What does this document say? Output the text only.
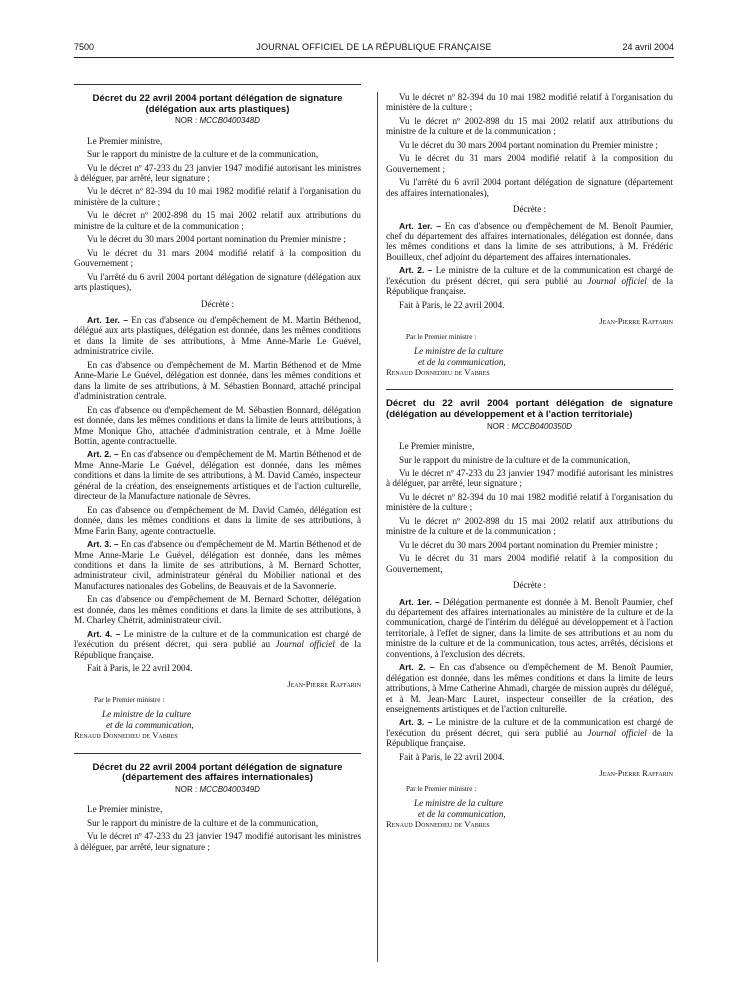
7500	JOURNAL OFFICIEL DE LA RÉPUBLIQUE FRANÇAISE	24 avril 2004
Décret du 22 avril 2004 portant délégation de signature (délégation aux arts plastiques)
NOR : MCCB0400348D

Le Premier ministre,

Sur le rapport du ministre de la culture et de la communication,

Vu le décret nº 47-233 du 23 janvier 1947 modifié autorisant les ministres à déléguer, par arrêté, leur signature ;

Vu le décret nº 82-394 du 10 mai 1982 modifié relatif à l'organisation du ministère de la culture ;

Vu le décret nº 2002-898 du 15 mai 2002 relatif aux attributions du ministre de la culture et de la communication ;

Vu le décret du 30 mars 2004 portant nomination du Premier ministre ;

Vu le décret du 31 mars 2004 modifié relatif à la composition du Gouvernement ;

Vu l'arrêté du 6 avril 2004 portant délégation de signature (délégation aux arts plastiques),

Décrète :

Art. 1er. – En cas d'absence ou d'empêchement de M. Martin Béthenod, délégué aux arts plastiques, délégation est donnée, dans les mêmes conditions et dans la limite de ses attributions, à Mme Anne-Marie Le Guével, administratrice civile.

En cas d'absence ou d'empêchement de M. Martin Béthenod et de Mme Anne-Marie Le Guével, délégation est donnée, dans les mêmes conditions et dans la limite de ses attributions, à M. Sébastien Bonnard, attaché principal d'administration centrale.

En cas d'absence ou d'empêchement de M. Sébastien Bonnard, délégation est donnée, dans les mêmes conditions et dans la limite de leurs attributions, à Mme Monique Gho, attachée d'administration centrale, et à Mme Joëlle Bottin, agente contractuelle.

Art. 2. – En cas d'absence ou d'empêchement de M. Martin Béthenod et de Mme Anne-Marie Le Guével, délégation est donnée, dans les mêmes conditions et dans la limite de ses attributions, à M. David Caméo, inspecteur général de la création, des enseignements artistiques et de l'action culturelle, directeur de la Manufacture nationale de Sèvres.

En cas d'absence ou d'empêchement de M. David Caméo, délégation est donnée, dans les mêmes conditions et dans la limite de ses attributions, à Mme Farin Bany, agente contractuelle.

Art. 3. – En cas d'absence ou d'empêchement de M. Martin Béthenod et de Mme Anne-Marie Le Guével, délégation est donnée, dans les mêmes conditions et dans la limite de ses attributions, à M. Bernard Schotter, administrateur civil, administrateur général du Mobilier national et des Manufactures nationales des Gobelins, de Beauvais et de la Savonnerie.

En cas d'absence ou d'empêchement de M. Bernard Schotter, délégation est donnée, dans les mêmes conditions et dans la limite de ses attributions, à M. Charley Chétrit, administrateur civil.

Art. 4. – Le ministre de la culture et de la communication est chargé de l'exécution du présent décret, qui sera publié au Journal officiel de la République française.

Fait à Paris, le 22 avril 2004.

Jean-Pierre Raffarin

Par le Premier ministre :

Le ministre de la culture

et de la communication,

Renaud Donnedieu de Vabres

Décret du 22 avril 2004 portant délégation de signature (département des affaires internationales)
NOR : MCCB0400349D

Le Premier ministre,

Sur le rapport du ministre de la culture et de la communication,

Vu le décret nº 47-233 du 23 janvier 1947 modifié autorisant les ministres à déléguer, par arrêté, leur signature ;

Vu le décret nº 82-394 du 10 mai 1982 modifié relatif à l'organisation du ministère de la culture ;

Vu le décret nº 2002-898 du 15 mai 2002 relatif aux attributions du ministre de la culture et de la communication ;

Vu le décret du 30 mars 2004 portant nomination du Premier ministre ;

Vu le décret du 31 mars 2004 modifié relatif à la composition du Gouvernement ;

Vu l'arrêté du 6 avril 2004 portant délégation de signature (département des affaires internationales),

Décrète :

Art. 1er. – En cas d'absence ou d'empêchement de M. Benoît Paumier, chef du département des affaires internationales, délégation est donnée, dans les mêmes conditions et dans la limite de ses attributions, à M. Frédéric Bouilleux, chef adjoint du département des affaires internationales.

Art. 2. – Le ministre de la culture et de la communication est chargé de l'exécution du présent décret, qui sera publié au Journal officiel de la République française.

Fait à Paris, le 22 avril 2004.

Jean-Pierre Raffarin

Par le Premier ministre :

Le ministre de la culture

et de la communication,

Renaud Donnedieu de Vabres

Décret du 22 avril 2004 portant délégation de signature (délégation au développement et à l'action territoriale)
NOR : MCCB0400350D

Le Premier ministre,

Sur le rapport du ministre de la culture et de la communication,

Vu le décret nº 47-233 du 23 janvier 1947 modifié autorisant les ministres à déléguer, par arrêté, leur signature ;

Vu le décret nº 82-394 du 10 mai 1982 modifié relatif à l'organisation du ministère de la culture ;

Vu le décret nº 2002-898 du 15 mai 2002 relatif aux attributions du ministre de la culture et de la communication ;

Vu le décret du 30 mars 2004 portant nomination du Premier ministre ;

Vu le décret du 31 mars 2004 modifié relatif à la composition du Gouvernement,

Décrète :

Art. 1er. – Délégation permanente est donnée à M. Benoît Paumier, chef du département des affaires internationales au ministère de la culture et de la communication, chargé de l'intérim du délégué au développement et à l'action territoriale, à l'effet de signer, dans la limite de ses attributions et au nom du ministre de la culture et de la communication, tous actes, arrêtés, décisions et conventions, à l'exclusion des décrets.

Art. 2. – En cas d'absence ou d'empêchement de M. Benoît Paumier, délégation est donnée, dans les mêmes conditions et dans la limite de leurs attributions, à Mme Catherine Ahmadi, chargée de mission auprès du délégué, et à M. Jean-Marc Lauret, inspecteur conseiller de la création, des enseignements artistiques et de l'action culturelle.

Art. 3. – Le ministre de la culture et de la communication est chargé de l'exécution du présent décret, qui sera publié au Journal officiel de la République française.

Fait à Paris, le 22 avril 2004.

Jean-Pierre Raffarin

Par le Premier ministre :

Le ministre de la culture

et de la communication,

Renaud Donnedieu de Vabres
